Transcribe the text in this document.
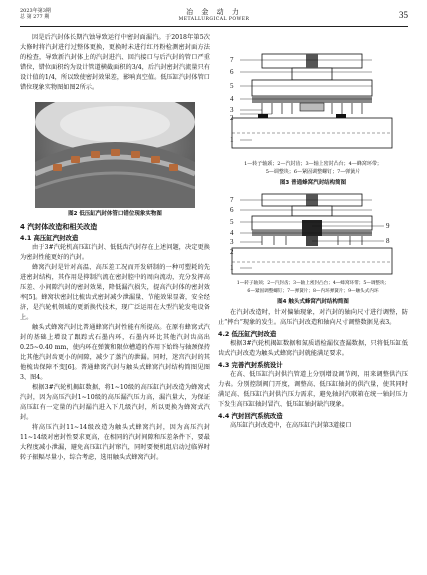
2023年第3期
总 第 277 期
冶 金 动 力
METALLURGICAL POWER	35

因是后汽封体长期汽蚀导致运行中密封面漏汽。于2018年第5次大修时将汽封进行过整体更换，更换时未进行红丹粉检测密封面方法的检查，导致新汽封体上的汽封进汽、回汽接口与后汽封的管口严重错位，错位面积约为设计管道横截面积的3/4，后汽封密封汽流量只有设计值的1/4，所以致使密封效果差，影响真空值。低压缸汽封体管口错位现象实物图如图2所示。

图2 低压缸汽封体管口错位现象实物图
4 汽封体改造和相关改造
4.1 高压缸汽封改造

由于3#汽轮机高压缸汽封、低低齿汽封存在上述问题，决定更换为密封性能更好的汽封。

蜂窝汽封是针对高温、高压差工况而开发研制的一种可塑耗的先进密封结构，其作用是抑制汽流在密封腔中的周向流动，充分发挥高压差、小间隙汽封的密封效果，降低漏汽损失，提高汽封体的密封效率[5]。蜂窝状密封比梳齿式密封减少泄漏量、节能效果显著，安全经济，是汽轮机领域的更新换代技术，现广泛运用在大型汽轮发电设备上。

触头式蜂窝汽封比普通蜂窝汽封性能有所提高。在原有蜂窝式汽封的基础上增设了跟踪式石墨内环，石墨内环比其他汽封齿高出0.25~0.40 mm，使内环在弹簧和限位槽道的作用下始终与轴颈保持比其他汽封齿更小的间隙，减少了蒸汽的泄漏。同时，迷宫汽封的其他梳齿保障不变[6]。普通蜂窝汽封与触头式蜂窝汽封结构简图见图3、图4。

根据3#汽轮机揭缸数据，将1~10级的高压缸汽封改造为蜂窝式汽封，因为高压汽封1~10级的高压漏汽压力高，漏汽量大，为保证高压缸有一定量的汽封漏汽进入下几级汽封，所以更换为蜂窝式汽封。

将高压汽封11~14级改造为触头式蜂窝汽封，因为高压汽封11~14级对密封性要求更高，在相同的汽封间隙和压差条件下，要最大程度减小泄漏，避免高压缸汽封窜汽，同时要便机组启动过临界时转子振幅尽量小，综合考虑，选用触头式蜂窝汽封。

7
6
5
4
3
2
1
1—转子轴颈；2—汽封齿；3—轴上密封凸台；4—蜂窝环带；
5—调整块；6—紧固调整螺钉；7—弹簧片
图3 普通蜂窝汽封结构简图
7
6
5
4
3
2
1
9
8
1—转子轴颈；2—汽封齿；3—轴上密封凸台；4—蜂窝环带；5—调整块；
6—紧固调整螺钉；7—弹簧片；8—内环弹簧片；9—触头式内环
图4 触头式蜂窝汽封结构简图

在汽封改造时，针对偏轴现象，对汽封的轴向尺寸进行调整，防止“摔台”现象的发生。高压汽封改造和轴向尺寸调整数据见表3。

4.2 低压缸汽封改造

根据3#汽轮机揭缸数据和氮质谱检漏仪查漏数据，只将低压缸低齿式汽封改造为触头式蜂窝汽封就能满足要求。

4.3 完善汽封系统设计

在高、低压缸汽封供汽管道上分别增设调节阀，用来调整供汽压力表。分别控制阀门开度，调整高、低压缸轴封的供汽量，使其同时满足高、低压缸汽封供汽压力需求，避免轴封汽联箱在统一轴封压力下发生高压缸轴封冒汽、低压缸轴封缺汽现象。

4.4 汽封回汽系统改造

高压缸汽封改造中，在高压缸汽封第3道接口
